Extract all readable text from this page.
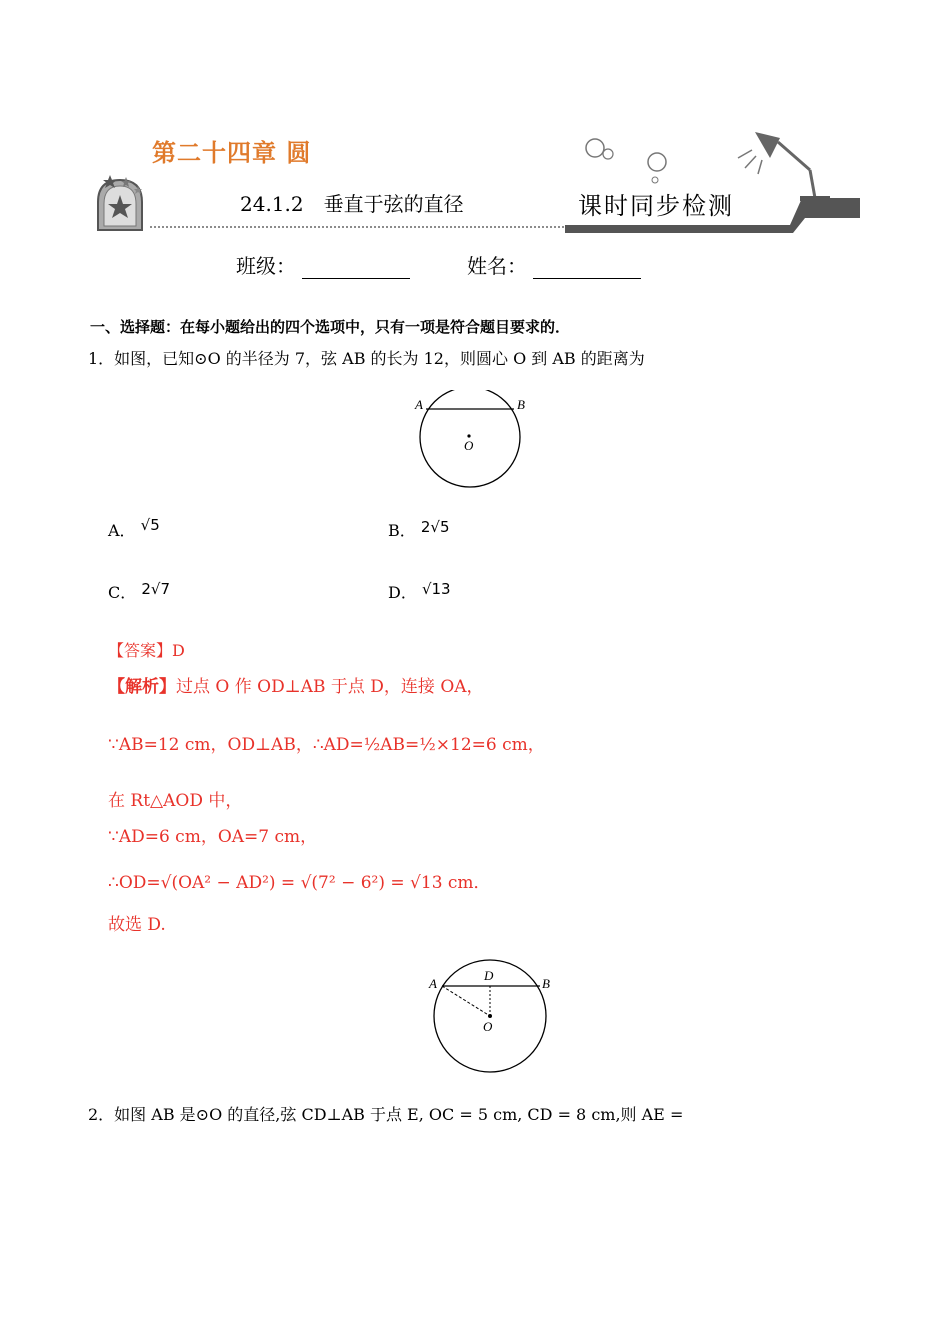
第二十四章 圆
24.1.2　垂直于弦的直径	课时同步检测
班级：	姓名：
一、选择题：在每小题给出的四个选项中，只有一项是符合题目要求的．
1．如图，已知⊙O 的半径为 7，弦 AB 的长为 12，则圆心 O 到 AB 的距离为
A	B
O
A． √5	B． 2√5
C． 2√7	D． √13
【答案】D
【解析】过点 O 作 OD⊥AB 于点 D，连接 OA，
∵AB=12 cm，OD⊥AB，∴AD=½AB=½×12=6 cm，
在 Rt△AOD 中，
∵AD=6 cm，OA=7 cm，
∴OD=√(OA² − AD²) = √(7² − 6²) = √13 cm．
故选 D.
A	B
D
O
2．如图 AB 是⊙O 的直径,弦 CD⊥AB 于点 E, OC = 5 cm, CD = 8 cm,则 AE =
